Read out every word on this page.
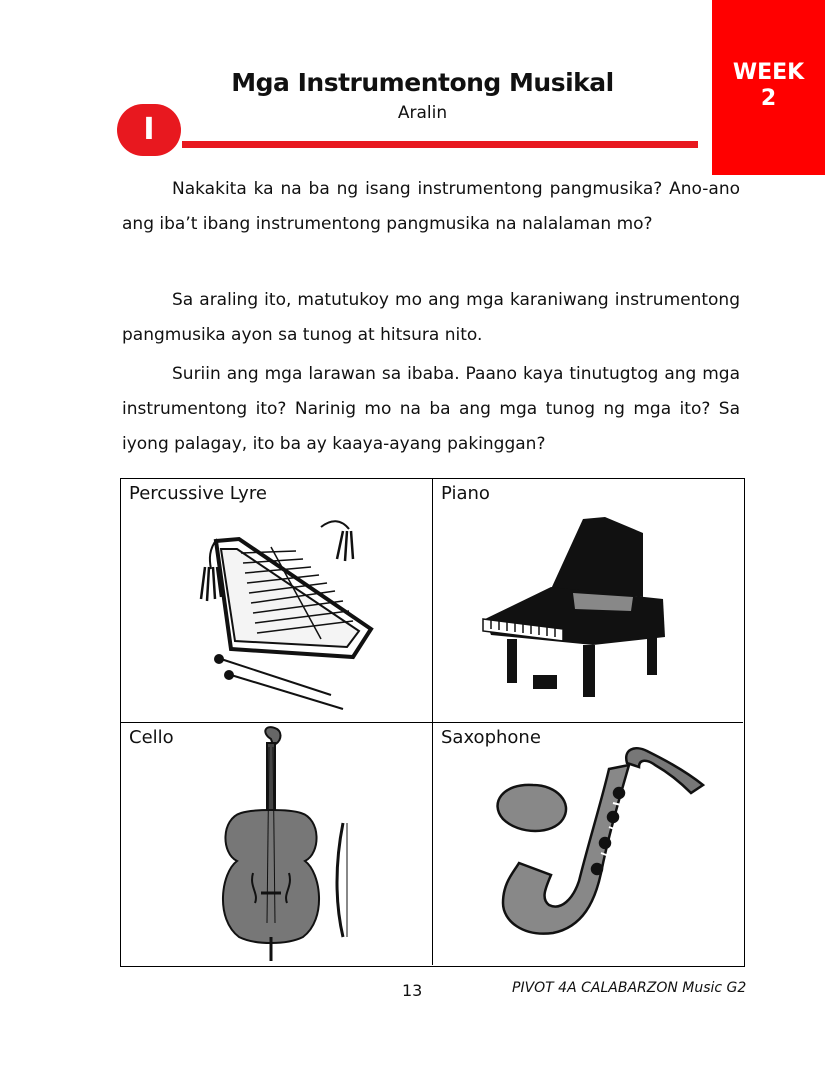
WEEK
2
Mga Instrumentong Musikal
Aralin
I

Nakakita ka na ba ng isang instrumentong pangmusika? Ano-ano ang iba’t ibang instrumentong pangmusika na nalalaman mo?

Sa araling ito, matutukoy mo ang mga karaniwang instrumentong pangmusika ayon sa tunog at hitsura nito.

Suriin ang mga larawan sa ibaba. Paano kaya tinutugtog ang mga instrumentong ito? Narinig mo na ba ang mga tunog ng mga ito? Sa iyong palagay, ito ba ay kaaya-ayang pakinggan?

Percussive Lyre	Piano
Cello	Saxophone
13	PIVOT 4A CALABARZON Music G2
